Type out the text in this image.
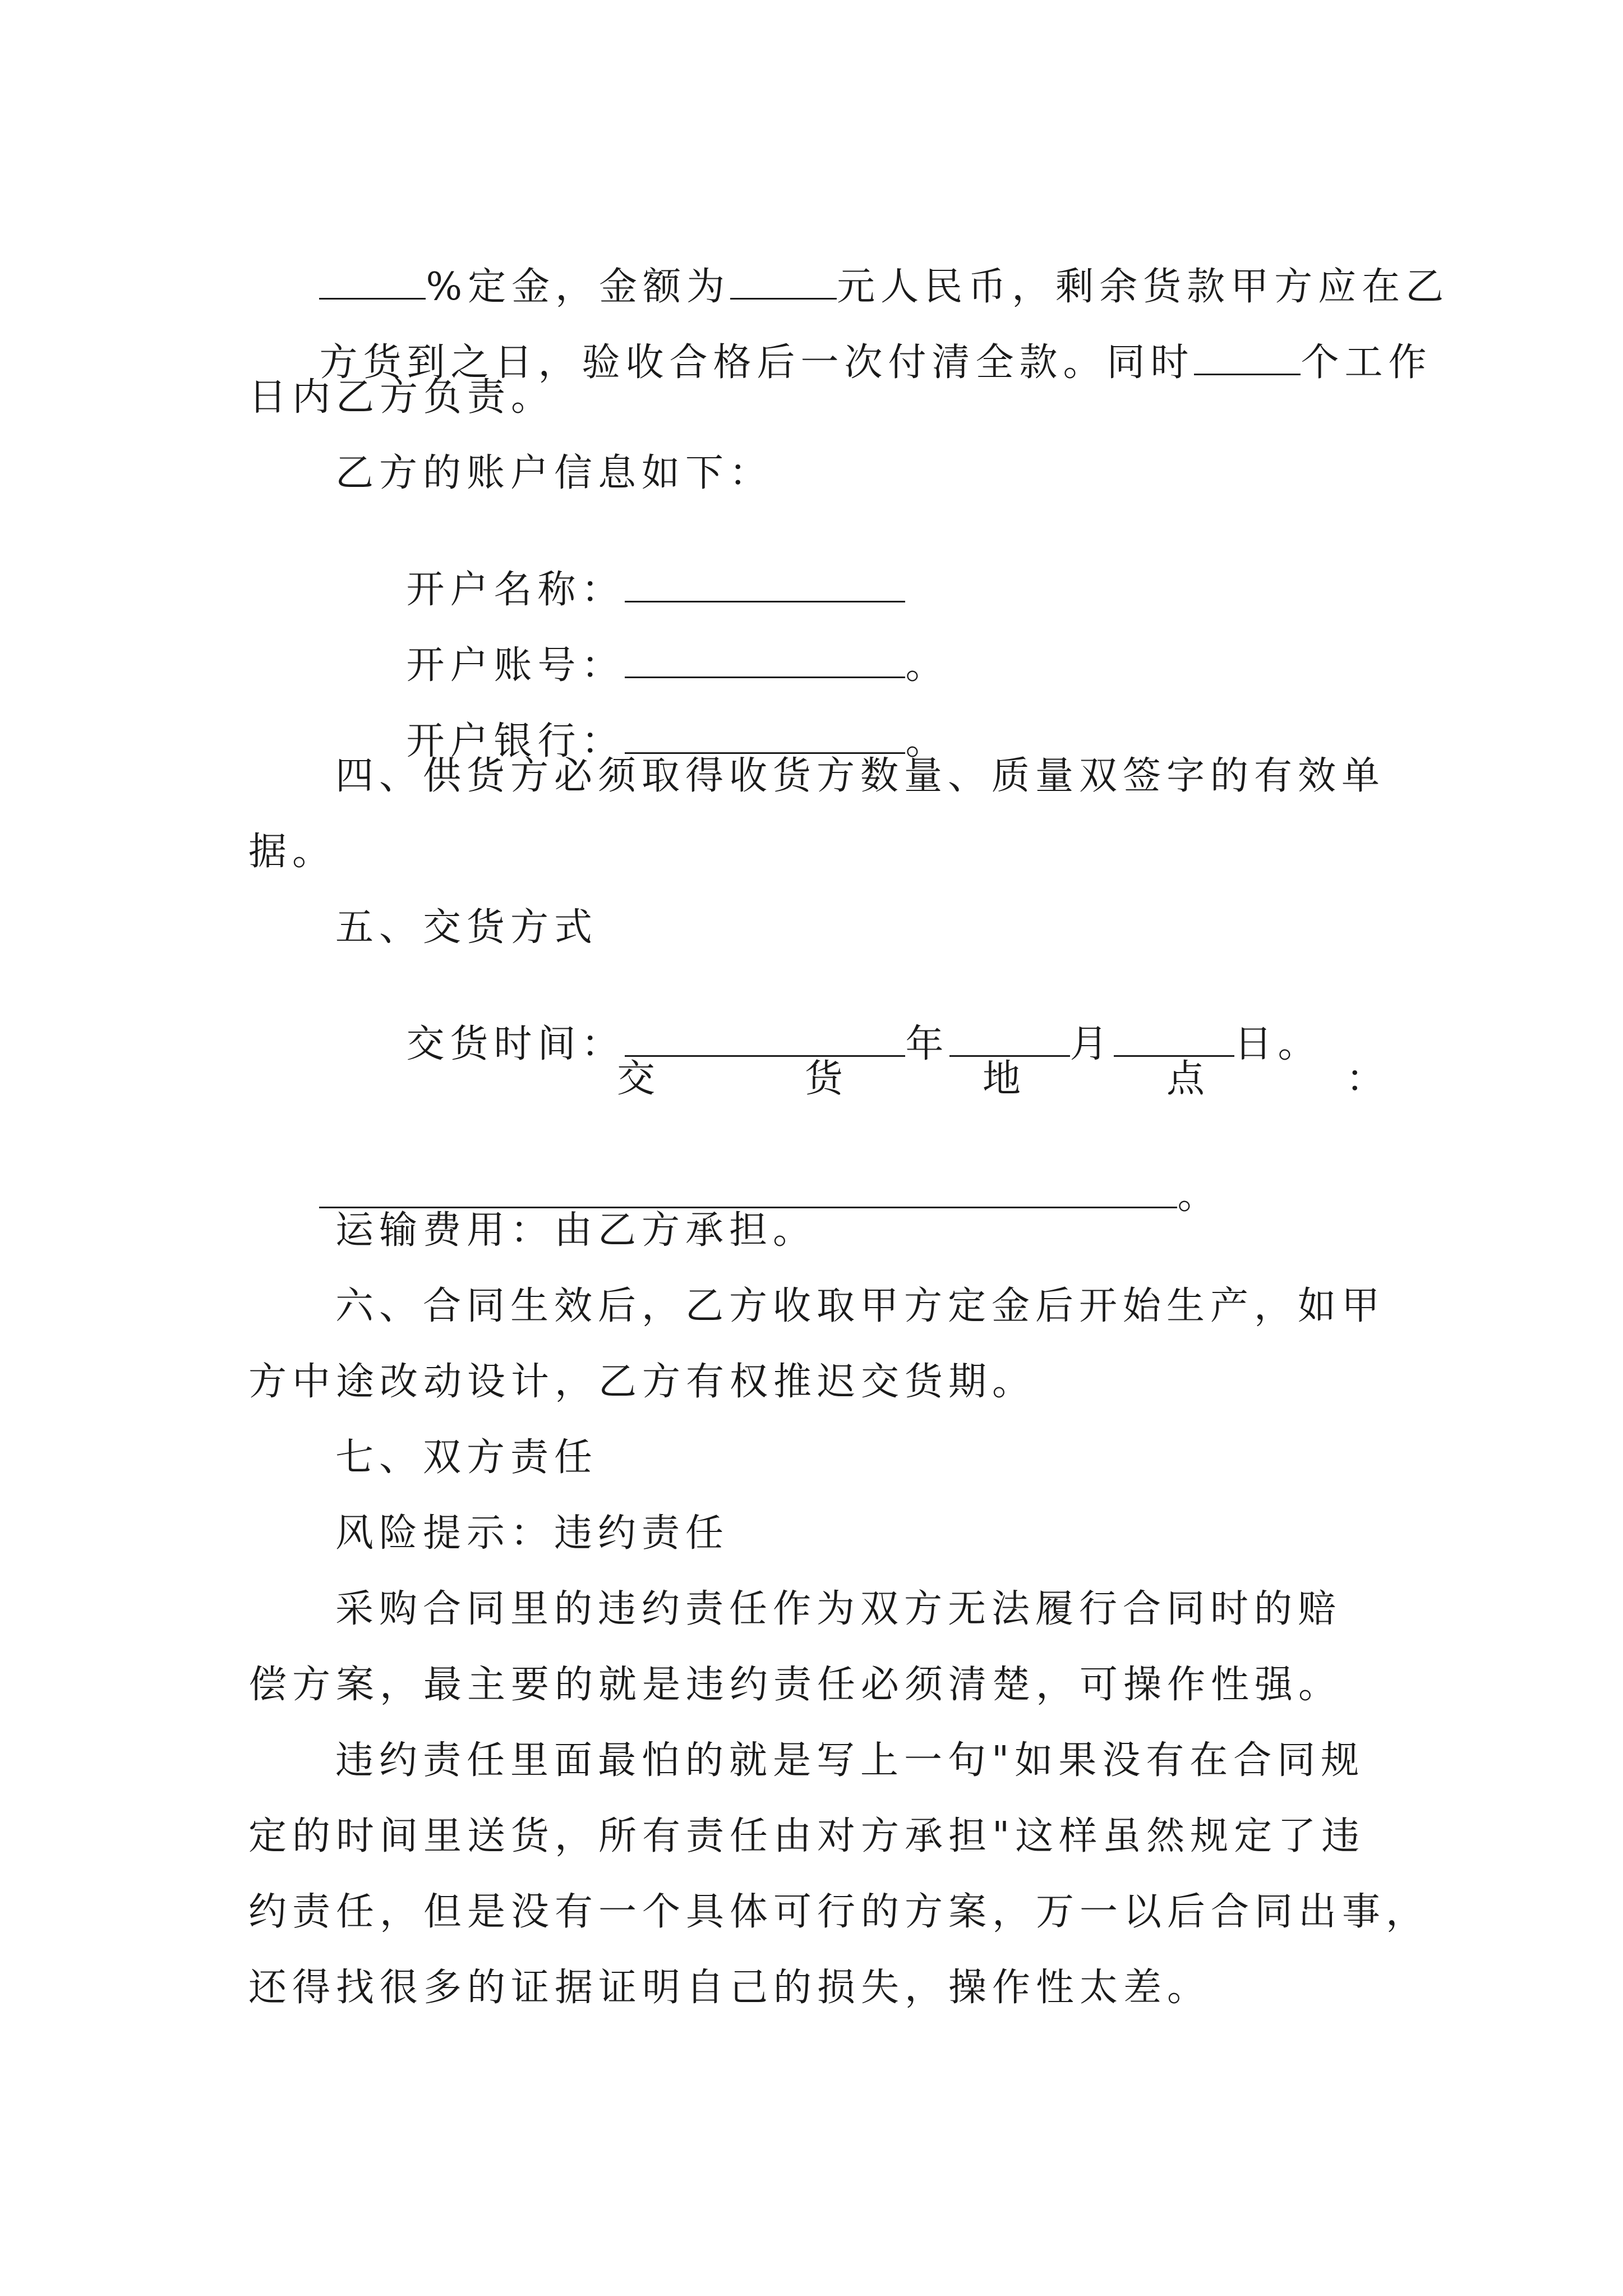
%定金，金额为	元人民币，剩余货款甲方应在乙

方货到之日，验收合格后一次付清全款。同时	个工作

日内乙方负责。
乙方的账户信息如下：

开户名称：

开户账号：	。

开户银行：	。

四、供货方必须取得收货方数量、质量双签字的有效单
据。
五、交货方式

交货时间：	年	月	日。

交	货	地	点	：

。

运输费用：由乙方承担。
六、合同生效后，乙方收取甲方定金后开始生产，如甲
方中途改动设计，乙方有权推迟交货期。
七、双方责任
风险提示：违约责任
采购合同里的违约责任作为双方无法履行合同时的赔
偿方案，最主要的就是违约责任必须清楚，可操作性强。
违约责任里面最怕的就是写上一句"如果没有在合同规
定的时间里送货，所有责任由对方承担"这样虽然规定了违
约责任，但是没有一个具体可行的方案，万一以后合同出事，
还得找很多的证据证明自己的损失，操作性太差。
